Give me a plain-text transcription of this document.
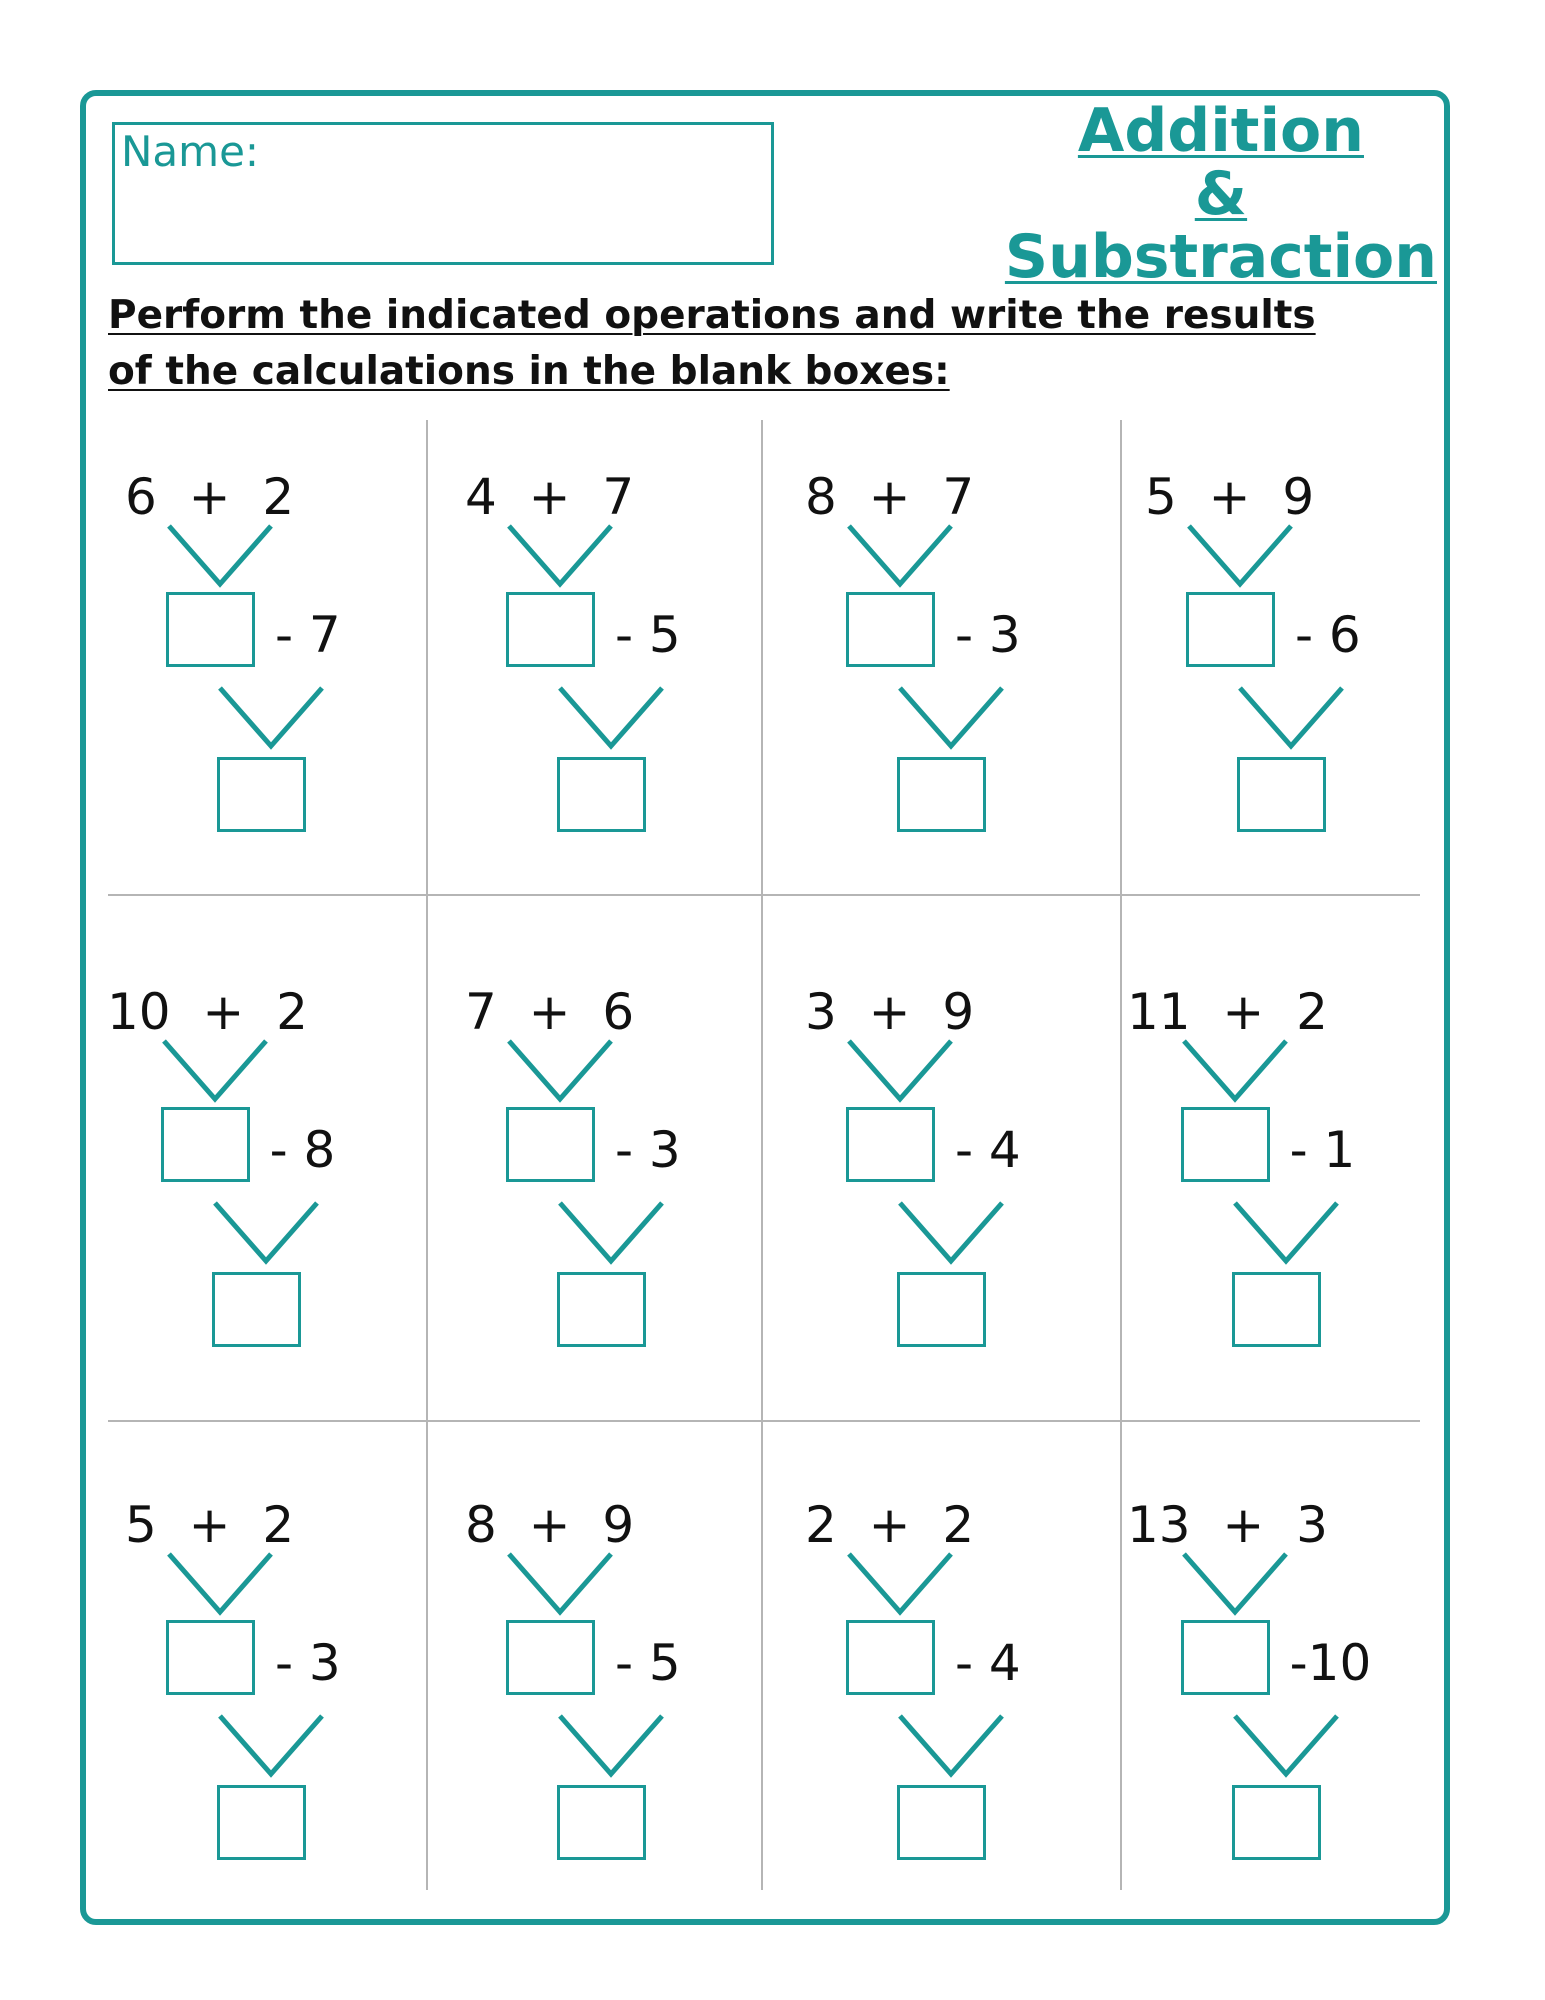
Name:	Addition
&
Substraction
Perform the indicated operations and write the results of the calculations in the blank boxes:
6 + 2
- 7
4 + 7
- 5
8 + 7
- 3
5 + 9
- 6
10 + 2
- 8
7 + 6
- 3
3 + 9
- 4
11 + 2
- 1
5 + 2
- 3
8 + 9
- 5
2 + 2
- 4
13 + 3
-10
